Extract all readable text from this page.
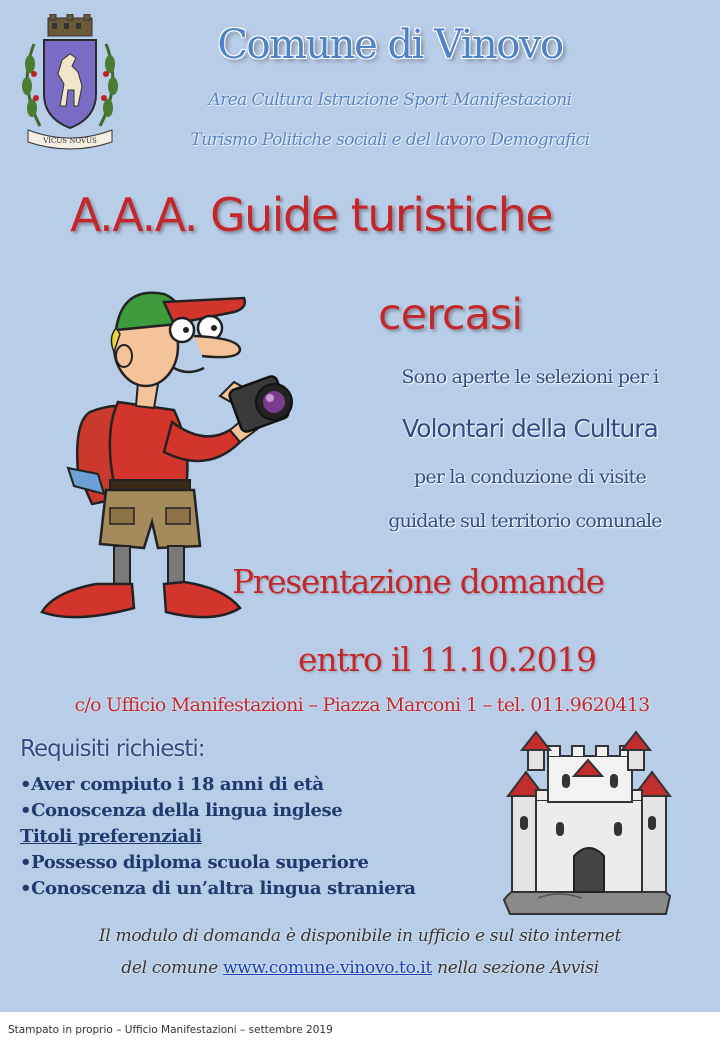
VICUS NOVUS
Comune di Vinovo
Area Cultura Istruzione Sport Manifestazioni
Turismo Politiche sociali e del lavoro Demografici
A.A.A. Guide turistiche
cercasi
Sono aperte le selezioni per i
Volontari della Cultura
per la conduzione di visite
guidate sul territorio comunale
Presentazione domande
entro il 11.10.2019
c/o Ufficio Manifestazioni – Piazza Marconi 1 – tel. 011.9620413
Requisiti richiesti:
•Aver compiuto i 18 anni di età
•Conoscenza della lingua inglese
Titoli preferenziali
•Possesso diploma scuola superiore
•Conoscenza di un’altra lingua straniera
Il modulo di domanda è disponibile in ufficio e sul sito internet
del comune www.comune.vinovo.to.it nella sezione Avvisi
Stampato in proprio – Ufficio Manifestazioni – settembre 2019
